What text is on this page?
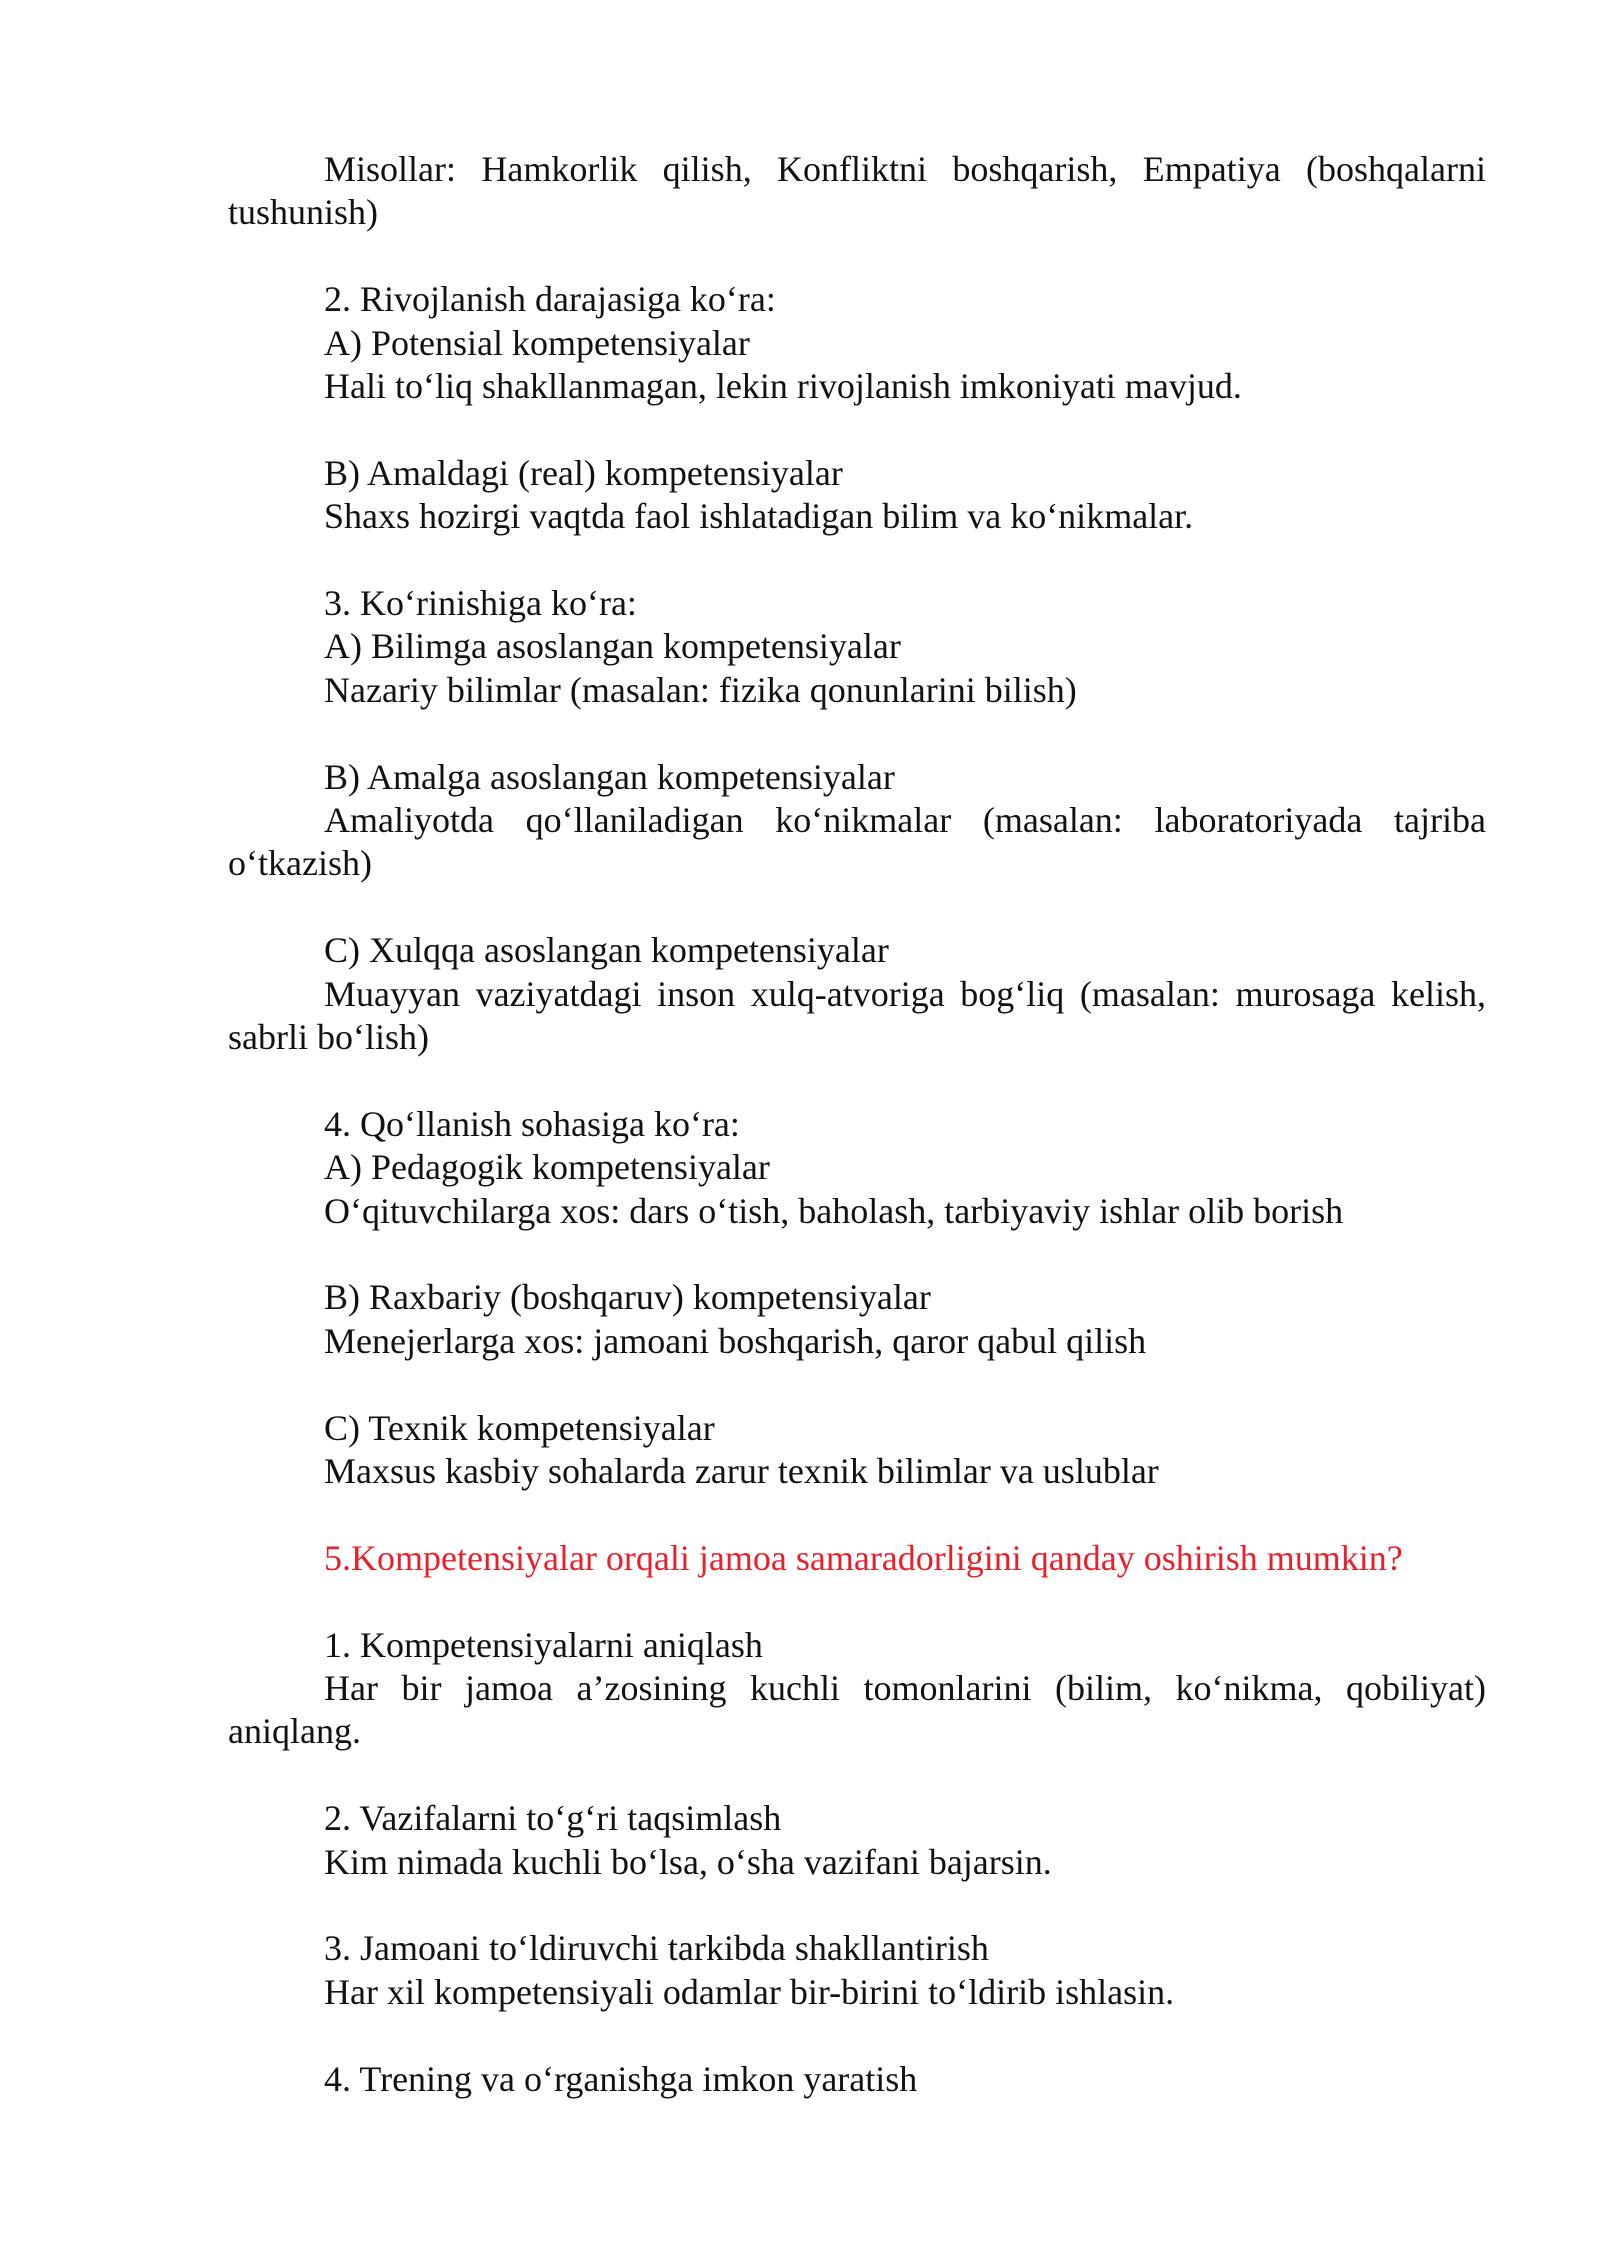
Misollar: Hamkorlik qilish, Konfliktni boshqarish, Empatiya (boshqalarni tushunish)

2. Rivojlanish darajasiga ko‘ra:

A) Potensial kompetensiyalar

Hali to‘liq shakllanmagan, lekin rivojlanish imkoniyati mavjud.

B) Amaldagi (real) kompetensiyalar

Shaxs hozirgi vaqtda faol ishlatadigan bilim va ko‘nikmalar.

3. Ko‘rinishiga ko‘ra:

A) Bilimga asoslangan kompetensiyalar

Nazariy bilimlar (masalan: fizika qonunlarini bilish)

B) Amalga asoslangan kompetensiyalar

Amaliyotda qo‘llaniladigan ko‘nikmalar (masalan: laboratoriyada tajriba o‘tkazish)

C) Xulqqa asoslangan kompetensiyalar

Muayyan vaziyatdagi inson xulq-atvoriga bog‘liq (masalan: murosaga kelish, sabrli bo‘lish)

4. Qo‘llanish sohasiga ko‘ra:

A) Pedagogik kompetensiyalar

O‘qituvchilarga xos: dars o‘tish, baholash, tarbiyaviy ishlar olib borish

B) Raxbariy (boshqaruv) kompetensiyalar

Menejerlarga xos: jamoani boshqarish, qaror qabul qilish

C) Texnik kompetensiyalar

Maxsus kasbiy sohalarda zarur texnik bilimlar va uslublar

5.Kompetensiyalar orqali jamoa samaradorligini qanday oshirish mumkin?

1. Kompetensiyalarni aniqlash

Har bir jamoa a’zosining kuchli tomonlarini (bilim, ko‘nikma, qobiliyat) aniqlang.

2. Vazifalarni to‘g‘ri taqsimlash

Kim nimada kuchli bo‘lsa, o‘sha vazifani bajarsin.

3. Jamoani to‘ldiruvchi tarkibda shakllantirish

Har xil kompetensiyali odamlar bir-birini to‘ldirib ishlasin.

4. Trening va o‘rganishga imkon yaratish
